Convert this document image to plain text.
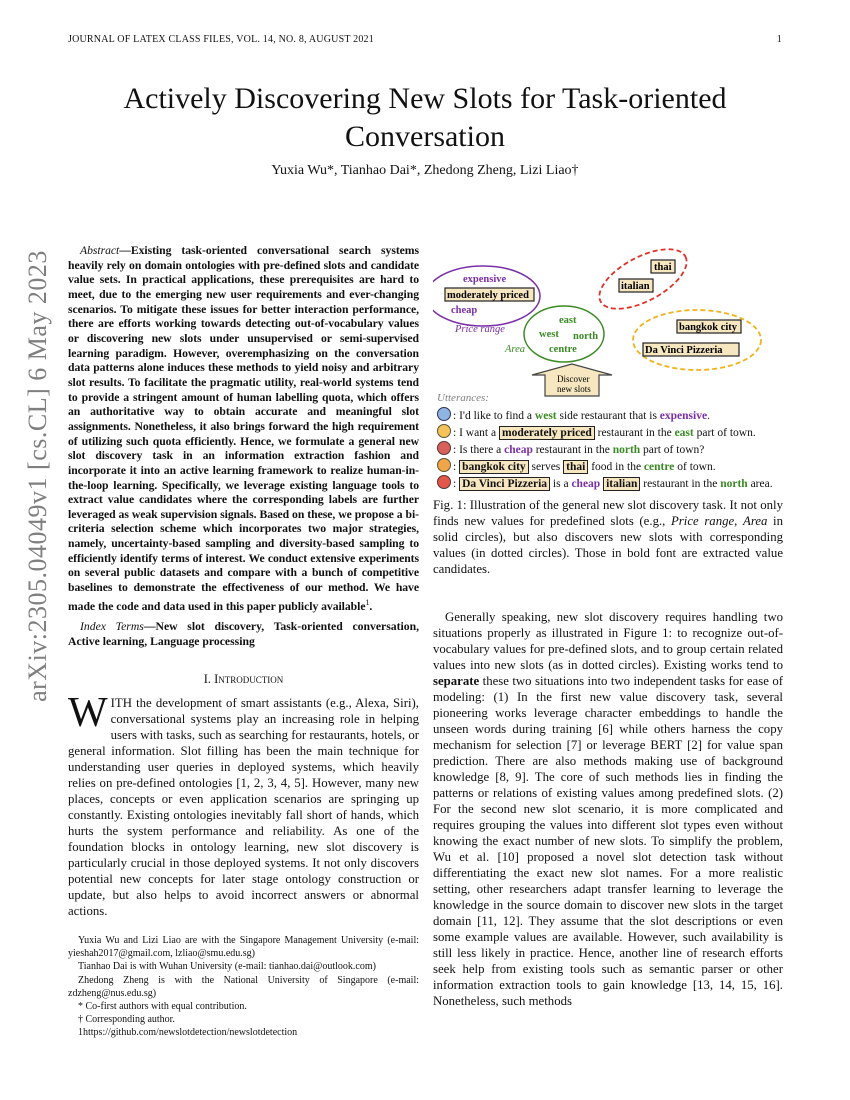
JOURNAL OF LATEX CLASS FILES, VOL. 14, NO. 8, AUGUST 2021	1
arXiv:2305.04049v1 [cs.CL] 6 May 2023
Actively Discovering New Slots for Task-oriented Conversation
Yuxia Wu*, Tianhao Dai*, Zhedong Zheng, Lizi Liao†

Abstract—Existing task-oriented conversational search systems heavily rely on domain ontologies with pre-defined slots and candidate value sets. In practical applications, these prerequisites are hard to meet, due to the emerging new user requirements and ever-changing scenarios. To mitigate these issues for better interaction performance, there are efforts working towards detecting out-of-vocabulary values or discovering new slots under unsupervised or semi-supervised learning paradigm. However, overemphasizing on the conversation data patterns alone induces these methods to yield noisy and arbitrary slot results. To facilitate the pragmatic utility, real-world systems tend to provide a stringent amount of human labelling quota, which offers an authoritative way to obtain accurate and meaningful slot assignments. Nonetheless, it also brings forward the high requirement of utilizing such quota efficiently. Hence, we formulate a general new slot discovery task in an information extraction fashion and incorporate it into an active learning framework to realize human-in-the-loop learning. Specifically, we leverage existing language tools to extract value candidates where the corresponding labels are further leveraged as weak supervision signals. Based on these, we propose a bi-criteria selection scheme which incorporates two major strategies, namely, uncertainty-based sampling and diversity-based sampling to efficiently identify terms of interest. We conduct extensive experiments on several public datasets and compare with a bunch of competitive baselines to demonstrate the effectiveness of our method. We have made the code and data used in this paper publicly available$^1$.

Index Terms—New slot discovery, Task-oriented conversation, Active learning, Language processing

I. Introduction

WITH the development of smart assistants (e.g., Alexa, Siri), conversational systems play an increasing role in helping users with tasks, such as searching for restaurants, hotels, or general information. Slot filling has been the main technique for understanding user queries in deployed systems, which heavily relies on pre-defined ontologies [1, 2, 3, 4, 5]. However, many new places, concepts or even application scenarios are springing up constantly. Existing ontologies inevitably fall short of hands, which hurts the system performance and reliability. As one of the foundation blocks in ontology learning, new slot discovery is particularly crucial in those deployed systems. It not only discovers potential new concepts for later stage ontology construction or update, but also helps to avoid incorrect answers or abnormal actions.

Yuxia Wu and Lizi Liao are with the Singapore Management University (e-mail: yieshah2017@gmail.com, lzliao@smu.edu.sg)

Tianhao Dai is with Wuhan University (e-mail: tianhao.dai@outlook.com)

Zhedong Zheng is with the National University of Singapore (e-mail: zdzheng@nus.edu.sg)

* Co-first authors with equal contribution.

† Corresponding author.

1https://github.com/newslotdetection/newslotdetection

expensive
moderately priced
cheap
Price range
east
west north
centre
Area
thai
italian
bangkok city
Da Vinci Pizzeria
Discover
new slots
Utterances:
: I'd like to find a west side restaurant that is expensive.
: I want a moderately priced restaurant in the east part of town.
: Is there a cheap restaurant in the north part of town?
: bangkok city serves thai food in the centre of town.
: Da Vinci Pizzeria is a cheap italian restaurant in the north area.
Fig. 1: Illustration of the general new slot discovery task. It not only finds new values for predefined slots (e.g., Price range, Area in solid circles), but also discovers new slots with corresponding values (in dotted circles). Those in bold font are extracted value candidates.

Generally speaking, new slot discovery requires handling two situations properly as illustrated in Figure 1: to recognize out-of-vocabulary values for pre-defined slots, and to group certain related values into new slots (as in dotted circles). Existing works tend to separate these two situations into two independent tasks for ease of modeling: (1) In the first new value discovery task, several pioneering works leverage character embeddings to handle the unseen words during training [6] while others harness the copy mechanism for selection [7] or leverage BERT [2] for value span prediction. There are also methods making use of background knowledge [8, 9]. The core of such methods lies in finding the patterns or relations of existing values among predefined slots. (2) For the second new slot scenario, it is more complicated and requires grouping the values into different slot types even without knowing the exact number of new slots. To simplify the problem, Wu et al. [10] proposed a novel slot detection task without differentiating the exact new slot names. For a more realistic setting, other researchers adapt transfer learning to leverage the knowledge in the source domain to discover new slots in the target domain [11, 12]. They assume that the slot descriptions or even some example values are available. However, such availability is still less likely in practice. Hence, another line of research efforts seek help from existing tools such as semantic parser or other information extraction tools to gain knowledge [13, 14, 15, 16]. Nonetheless, such methods
